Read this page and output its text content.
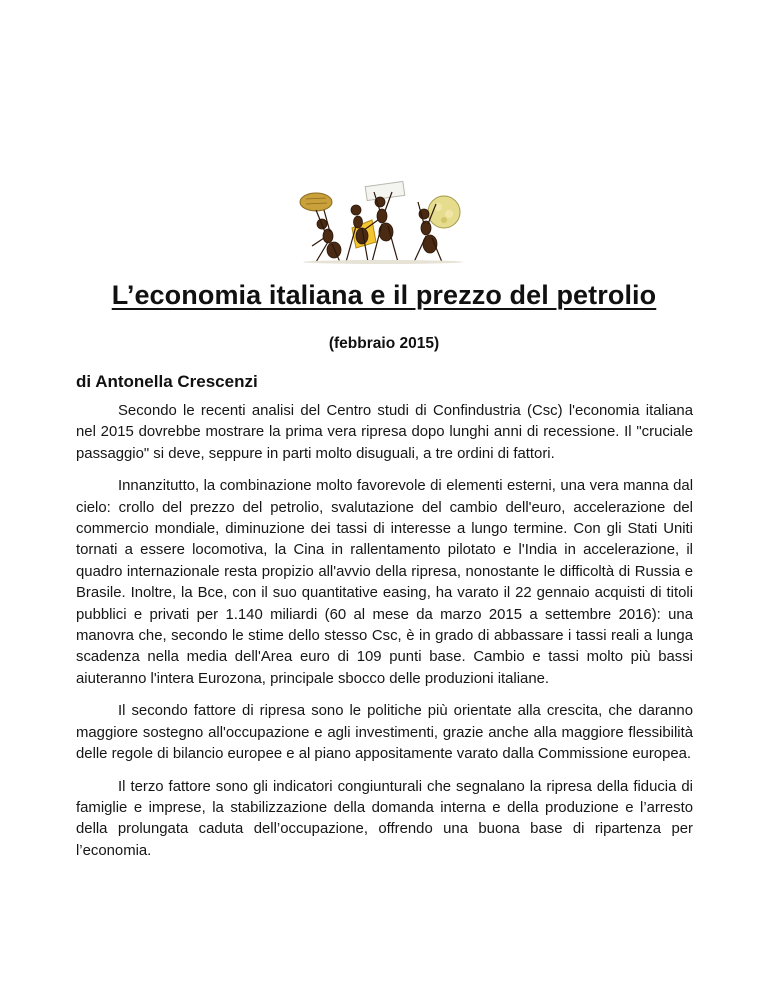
L’economia italiana e il prezzo del petrolio

(febbraio 2015)

di Antonella Crescenzi

Secondo le recenti analisi del Centro studi di Confindustria (Csc) l'economia italiana nel 2015 dovrebbe mostrare la prima vera ripresa dopo lunghi anni di recessione. Il "cruciale passaggio" si deve, seppure in parti molto disuguali, a tre ordini di fattori.

Innanzitutto, la combinazione molto favorevole di elementi esterni, una vera manna dal cielo: crollo del prezzo del petrolio, svalutazione del cambio dell'euro, accelerazione del commercio mondiale, diminuzione dei tassi di interesse a lungo termine. Con gli Stati Uniti tornati a essere locomotiva, la Cina in rallentamento pilotato e l'India in accelerazione, il quadro internazionale resta propizio all'avvio della ripresa, nonostante le difficoltà di Russia e Brasile. Inoltre, la Bce, con il suo quantitative easing, ha varato il 22 gennaio acquisti di titoli pubblici e privati per 1.140 miliardi (60 al mese da marzo 2015 a settembre 2016): una manovra che, secondo le stime dello stesso Csc, è in grado di abbassare i tassi reali a lunga scadenza nella media dell'Area euro di 109 punti base. Cambio e tassi molto più bassi aiuteranno l'intera Eurozona, principale sbocco delle produzioni italiane.

Il secondo fattore di ripresa sono le politiche più orientate alla crescita, che daranno maggiore sostegno all'occupazione e agli investimenti, grazie anche alla maggiore flessibilità delle regole di bilancio europee e al piano appositamente varato dalla Commissione europea.

Il terzo fattore sono gli indicatori congiunturali che segnalano la ripresa della fiducia di famiglie e imprese, la stabilizzazione della domanda interna e della produzione e l’arresto della prolungata caduta dell’occupazione, offrendo una buona base di ripartenza per l’economia.
